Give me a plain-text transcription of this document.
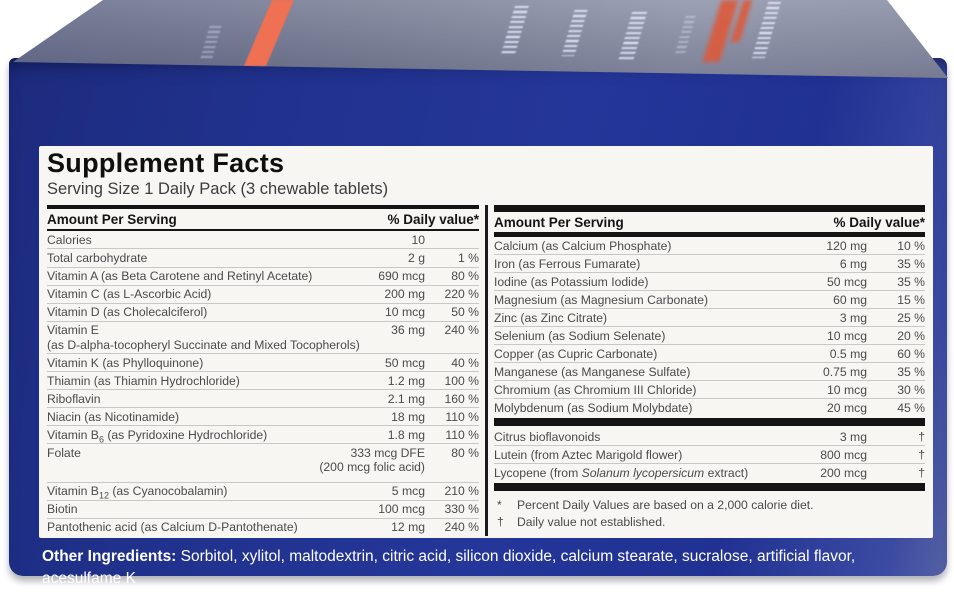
Supplement Facts
Serving Size 1 Daily Pack (3 chewable tablets)
Amount Per Serving	% Daily value*
Calories	10
Total carbohydrate	2 g	1 %
Vitamin A (as Beta Carotene and Retinyl Acetate)	690 mcg	80 %
Vitamin C (as L-Ascorbic Acid)	200 mg	220 %
Vitamin D (as Cholecalciferol)	10 mcg	50 %
Vitamin E	36 mg	240 %
(as D-alpha-tocopheryl Succinate and Mixed Tocopherols)
Vitamin K (as Phylloquinone)	50 mcg	40 %
Thiamin (as Thiamin Hydrochloride)	1.2 mg	100 %
Riboflavin	2.1 mg	160 %
Niacin (as Nicotinamide)	18 mg	110 %
Vitamin $B_6$ (as Pyridoxine Hydrochloride)	1.8 mg	110 %
Folate	333 mcg DFE	80 %
(200 mcg folic acid)
Vitamin $B_{12}$ (as Cyanocobalamin)	5 mcg	210 %
Biotin	100 mcg	330 %
Pantothenic acid (as Calcium D-Pantothenate)	12 mg	240 %
Amount Per Serving	% Daily value*
Calcium (as Calcium Phosphate)	120 mg	10 %
Iron (as Ferrous Fumarate)	6 mg	35 %
Iodine (as Potassium Iodide)	50 mcg	35 %
Magnesium (as Magnesium Carbonate)	60 mg	15 %
Zinc (as Zinc Citrate)	3 mg	25 %
Selenium (as Sodium Selenate)	10 mcg	20 %
Copper (as Cupric Carbonate)	0.5 mg	60 %
Manganese (as Manganese Sulfate)	0.75 mg	35 %
Chromium (as Chromium III Chloride)	10 mcg	30 %
Molybdenum (as Sodium Molybdate)	20 mcg	45 %
Citrus bioflavonoids	3 mg	†
Lutein (from Aztec Marigold flower)	800 mcg	†
Lycopene (from Solanum lycopersicum extract)	200 mcg	†
*	Percent Daily Values are based on a 2,000 calorie diet.
†	Daily value not established.
Other Ingredients: Sorbitol, xylitol, maltodextrin, citric acid, silicon dioxide, calcium stearate, sucralose, artificial flavor, acesulfame K
Contains: TREE NUTS (Coconut)
